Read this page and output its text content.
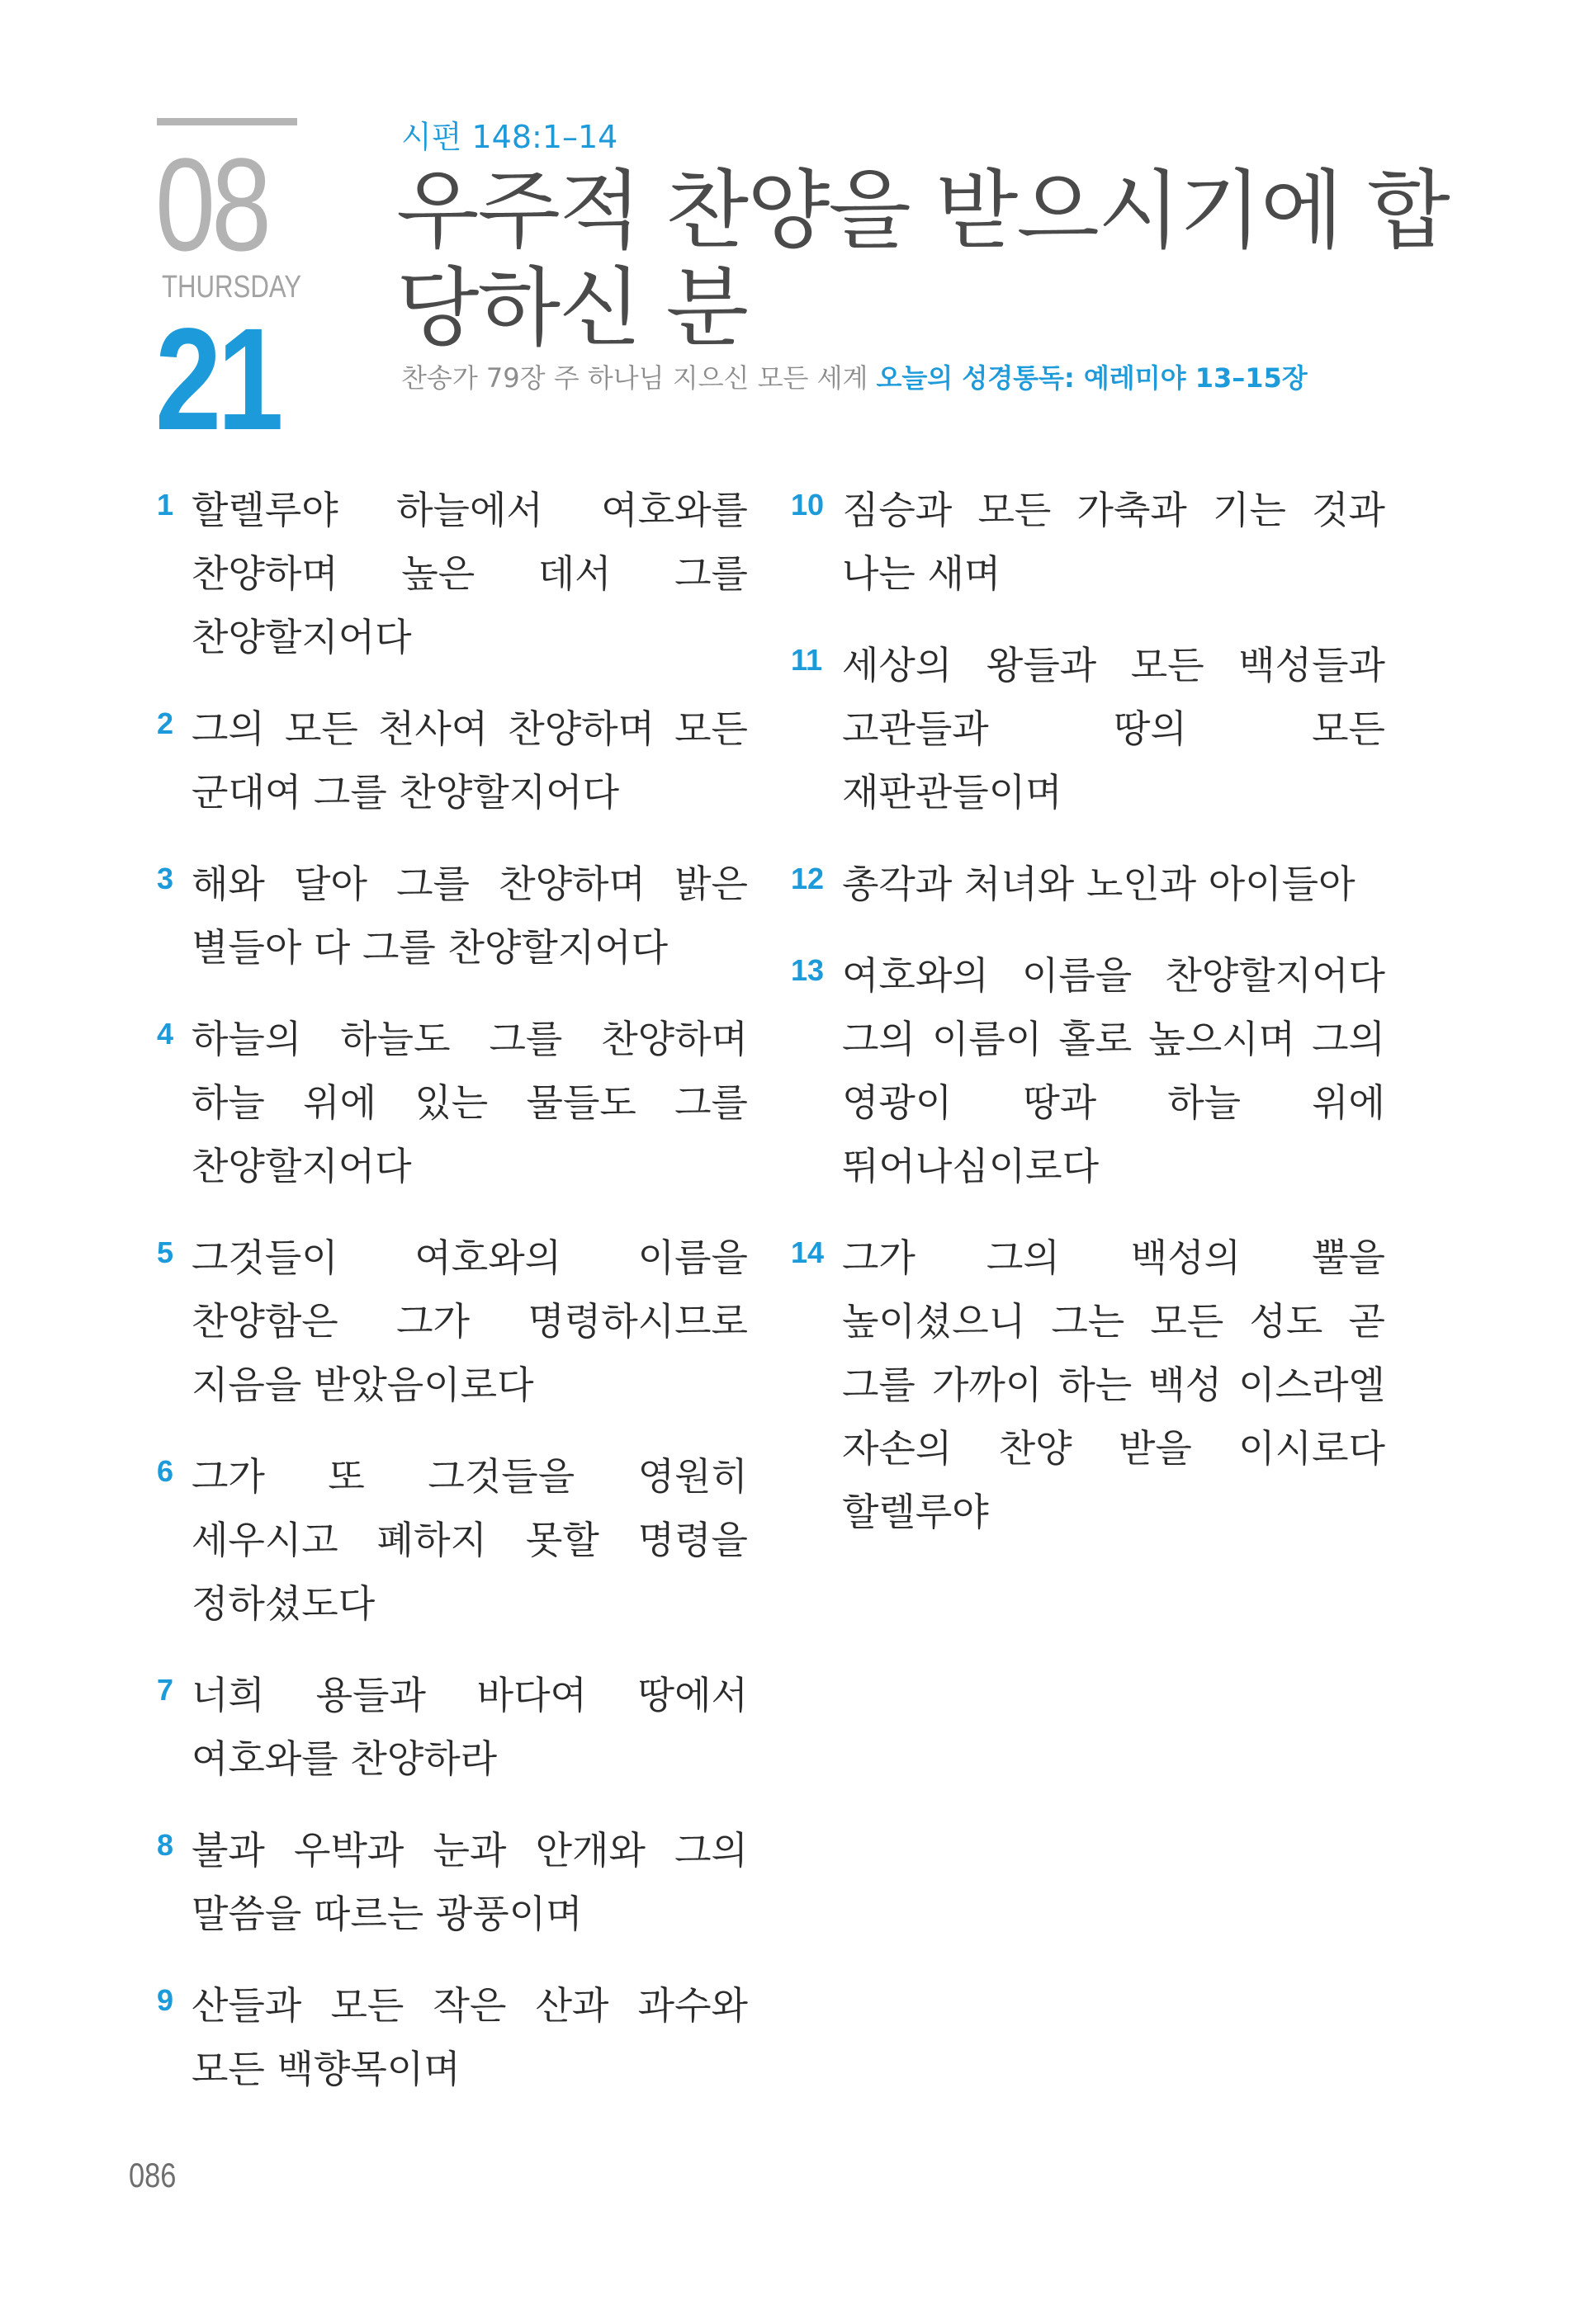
08
THURSDAY
21
시편 148:1–14
우주적 찬양을 받으시기에 합당하신 분
찬송가 79장 주 하나님 지으신 모든 세계 오늘의 성경통독: 예레미야 13–15장
1 할렐루야 하늘에서 여호와를 찬양하며 높은 데서 그를 찬양할지어다
2 그의 모든 천사여 찬양하며 모든 군대여 그를 찬양할지어다
3 해와 달아 그를 찬양하며 밝은 별들아 다 그를 찬양할지어다
4 하늘의 하늘도 그를 찬양하며 하늘 위에 있는 물들도 그를 찬양할지어다
5 그것들이 여호와의 이름을 찬양함은 그가 명령하시므로 지음을 받았음이로다
6 그가 또 그것들을 영원히 세우시고 폐하지 못할 명령을 정하셨도다
7 너희 용들과 바다여 땅에서 여호와를 찬양하라
8 불과 우박과 눈과 안개와 그의 말씀을 따르는 광풍이며
9 산들과 모든 작은 산과 과수와 모든 백향목이며
10 짐승과 모든 가축과 기는 것과 나는 새며
11 세상의 왕들과 모든 백성들과 고관들과 땅의 모든 재판관들이며
12 총각과 처녀와 노인과 아이들아
13 여호와의 이름을 찬양할지어다 그의 이름이 홀로 높으시며 그의 영광이 땅과 하늘 위에 뛰어나심이로다
14 그가 그의 백성의 뿔을 높이셨으니 그는 모든 성도 곧 그를 가까이 하는 백성 이스라엘 자손의 찬양 받을 이시로다 할렐루야
086
